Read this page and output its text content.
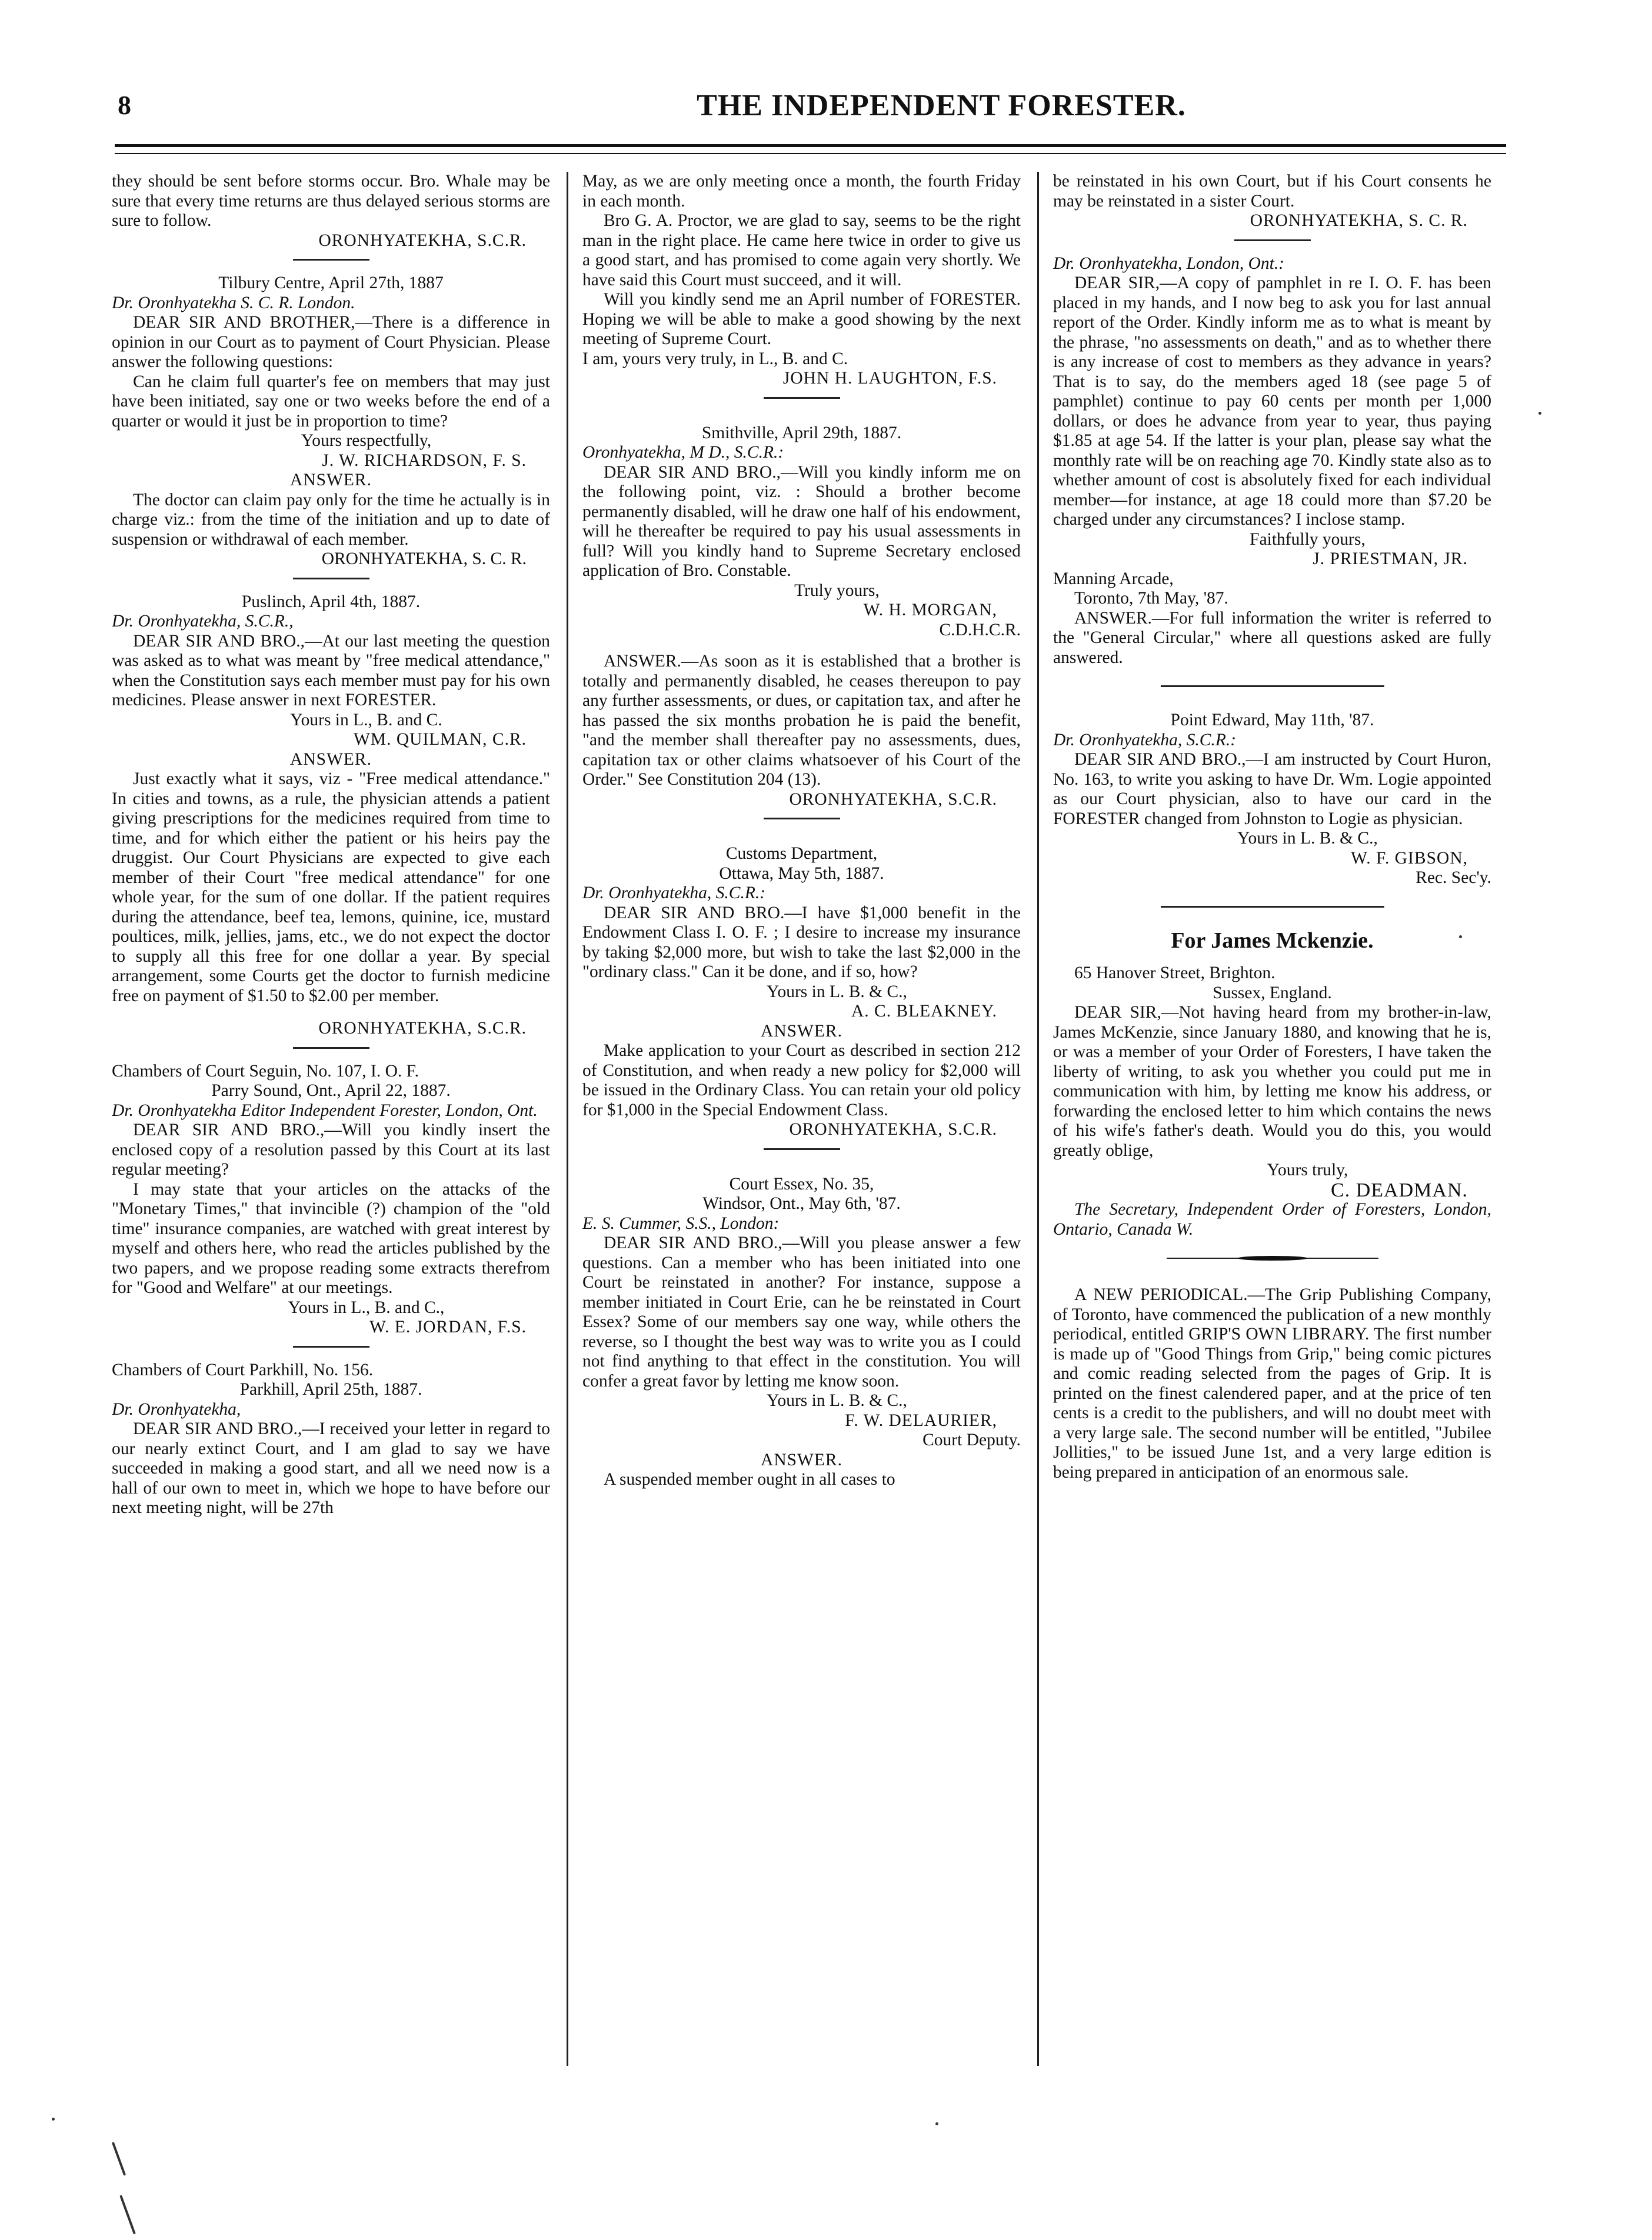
8	THE INDEPENDENT FORESTER.

they should be sent before storms occur. Bro. Whale may be sure that every time returns are thus delayed serious storms are sure to follow.

ORONHYATEKHA, S.C.R.

Tilbury Centre, April 27th, 1887

Dr. Oronhyatekha S. C. R. London.

DEAR SIR AND BROTHER,—There is a difference in opinion in our Court as to payment of Court Physician. Please answer the following questions:

Can he claim full quarter's fee on members that may just have been initiated, say one or two weeks before the end of a quarter or would it just be in proportion to time?

Yours respectfully,

J. W. RICHARDSON, F. S.

ANSWER.

The doctor can claim pay only for the time he actually is in charge viz.: from the time of the initiation and up to date of suspension or withdrawal of each member.

ORONHYATEKHA, S. C. R.

Puslinch, April 4th, 1887.

Dr. Oronhyatekha, S.C.R.,

DEAR SIR AND BRO.,—At our last meeting the question was asked as to what was meant by "free medical attendance," when the Constitution says each member must pay for his own medicines. Please answer in next FORESTER.

Yours in L., B. and C.

WM. QUILMAN, C.R.

ANSWER.

Just exactly what it says, viz - "Free medical attendance." In cities and towns, as a rule, the physician attends a patient giving prescriptions for the medicines required from time to time, and for which either the patient or his heirs pay the druggist. Our Court Physicians are expected to give each member of their Court "free medical attendance" for one whole year, for the sum of one dollar. If the patient requires during the attendance, beef tea, lemons, quinine, ice, mustard poultices, milk, jellies, jams, etc., we do not expect the doctor to supply all this free for one dollar a year. By special arrangement, some Courts get the doctor to furnish medicine free on payment of $1.50 to $2.00 per member.

ORONHYATEKHA, S.C.R.

Chambers of Court Seguin, No. 107, I. O. F.

Parry Sound, Ont., April 22, 1887.

Dr. Oronhyatekha Editor Independent Forester, London, Ont.

DEAR SIR AND BRO.,—Will you kindly insert the enclosed copy of a resolution passed by this Court at its last regular meeting?

I may state that your articles on the attacks of the "Monetary Times," that invincible (?) champion of the "old time" insurance companies, are watched with great interest by myself and others here, who read the articles published by the two papers, and we propose reading some extracts therefrom for "Good and Welfare" at our meetings.

Yours in L., B. and C.,

W. E. JORDAN, F.S.

Chambers of Court Parkhill, No. 156.

Parkhill, April 25th, 1887.

Dr. Oronhyatekha,

DEAR SIR AND BRO.,—I received your letter in regard to our nearly extinct Court, and I am glad to say we have succeeded in making a good start, and all we need now is a hall of our own to meet in, which we hope to have before our next meeting night, will be 27th

May, as we are only meeting once a month, the fourth Friday in each month.

Bro G. A. Proctor, we are glad to say, seems to be the right man in the right place. He came here twice in order to give us a good start, and has promised to come again very shortly. We have said this Court must succeed, and it will.

Will you kindly send me an April number of FORESTER. Hoping we will be able to make a good showing by the next meeting of Supreme Court.

I am, yours very truly, in L., B. and C.

JOHN H. LAUGHTON, F.S.

Smithville, April 29th, 1887.

Oronhyatekha, M D., S.C.R.:

DEAR SIR AND BRO.,—Will you kindly inform me on the following point, viz. : Should a brother become permanently disabled, will he draw one half of his endowment, will he thereafter be required to pay his usual assessments in full? Will you kindly hand to Supreme Secretary enclosed application of Bro. Constable.

Truly yours,

W. H. MORGAN,

C.D.H.C.R.

ANSWER.—As soon as it is established that a brother is totally and permanently disabled, he ceases thereupon to pay any further assessments, or dues, or capitation tax, and after he has passed the six months probation he is paid the benefit, "and the member shall thereafter pay no assessments, dues, capitation tax or other claims whatsoever of his Court of the Order." See Constitution 204 (13).

ORONHYATEKHA, S.C.R.

Customs Department,

Ottawa, May 5th, 1887.

Dr. Oronhyatekha, S.C.R.:

DEAR SIR AND BRO.—I have $1,000 benefit in the Endowment Class I. O. F. ; I desire to increase my insurance by taking $2,000 more, but wish to take the last $2,000 in the "ordinary class." Can it be done, and if so, how?

Yours in L. B. & C.,

A. C. BLEAKNEY.

ANSWER.

Make application to your Court as described in section 212 of Constitution, and when ready a new policy for $2,000 will be issued in the Ordinary Class. You can retain your old policy for $1,000 in the Special Endowment Class.

ORONHYATEKHA, S.C.R.

Court Essex, No. 35,

Windsor, Ont., May 6th, '87.

E. S. Cummer, S.S., London:

DEAR SIR AND BRO.,—Will you please answer a few questions. Can a member who has been initiated into one Court be reinstated in another? For instance, suppose a member initiated in Court Erie, can he be reinstated in Court Essex? Some of our members say one way, while others the reverse, so I thought the best way was to write you as I could not find anything to that effect in the constitution. You will confer a great favor by letting me know soon.

Yours in L. B. & C.,

F. W. DELAURIER,

Court Deputy.

ANSWER.

A suspended member ought in all cases to

be reinstated in his own Court, but if his Court consents he may be reinstated in a sister Court.

ORONHYATEKHA, S. C. R.

Dr. Oronhyatekha, London, Ont.:

DEAR SIR,—A copy of pamphlet in re I. O. F. has been placed in my hands, and I now beg to ask you for last annual report of the Order. Kindly inform me as to what is meant by the phrase, "no assessments on death," and as to whether there is any increase of cost to members as they advance in years? That is to say, do the members aged 18 (see page 5 of pamphlet) continue to pay 60 cents per month per 1,000 dollars, or does he advance from year to year, thus paying $1.85 at age 54. If the latter is your plan, please say what the monthly rate will be on reaching age 70. Kindly state also as to whether amount of cost is absolutely fixed for each individual member—for instance, at age 18 could more than $7.20 be charged under any circumstances? I inclose stamp.

Faithfully yours,

J. PRIESTMAN, JR.

Manning Arcade,

Toronto, 7th May, '87.

ANSWER.—For full information the writer is referred to the "General Circular," where all questions asked are fully answered.

Point Edward, May 11th, '87.

Dr. Oronhyatekha, S.C.R.:

DEAR SIR AND BRO.,—I am instructed by Court Huron, No. 163, to write you asking to have Dr. Wm. Logie appointed as our Court physician, also to have our card in the FORESTER changed from Johnston to Logie as physician.

Yours in L. B. & C.,

W. F. GIBSON,

Rec. Sec'y.

For James Mckenzie.

65 Hanover Street, Brighton.

Sussex, England.

DEAR SIR,—Not having heard from my brother-in-law, James McKenzie, since January 1880, and knowing that he is, or was a member of your Order of Foresters, I have taken the liberty of writing, to ask you whether you could put me in communication with him, by letting me know his address, or forwarding the enclosed letter to him which contains the news of his wife's father's death. Would you do this, you would greatly oblige,

Yours truly,

C. DEADMAN.

The Secretary, Independent Order of Foresters, London, Ontario, Canada W.

A NEW PERIODICAL.—The Grip Publishing Company, of Toronto, have commenced the publication of a new monthly periodical, entitled GRIP'S OWN LIBRARY. The first number is made up of "Good Things from Grip," being comic pictures and comic reading selected from the pages of Grip. It is printed on the finest calendered paper, and at the price of ten cents is a credit to the publishers, and will no doubt meet with a very large sale. The second number will be entitled, "Jubilee Jollities," to be issued June 1st, and a very large edition is being prepared in anticipation of an enormous sale.
